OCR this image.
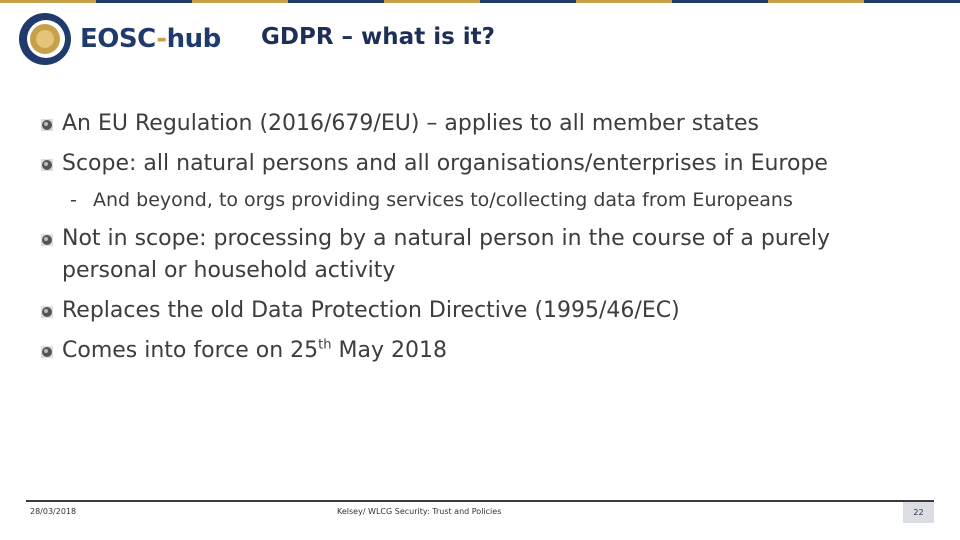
EOSC-hub GDPR – what is it?
An EU Regulation (2016/679/EU) – applies to all member states
Scope: all natural persons and all organisations/enterprises in Europe
- And beyond, to orgs providing services to/collecting data from Europeans
Not in scope: processing by a natural person in the course of a purely personal or household activity
Replaces the old Data Protection Directive (1995/46/EC)
Comes into force on 25th May 2018
28/03/2018	Kelsey/ WLCG Security: Trust and Policies	22
